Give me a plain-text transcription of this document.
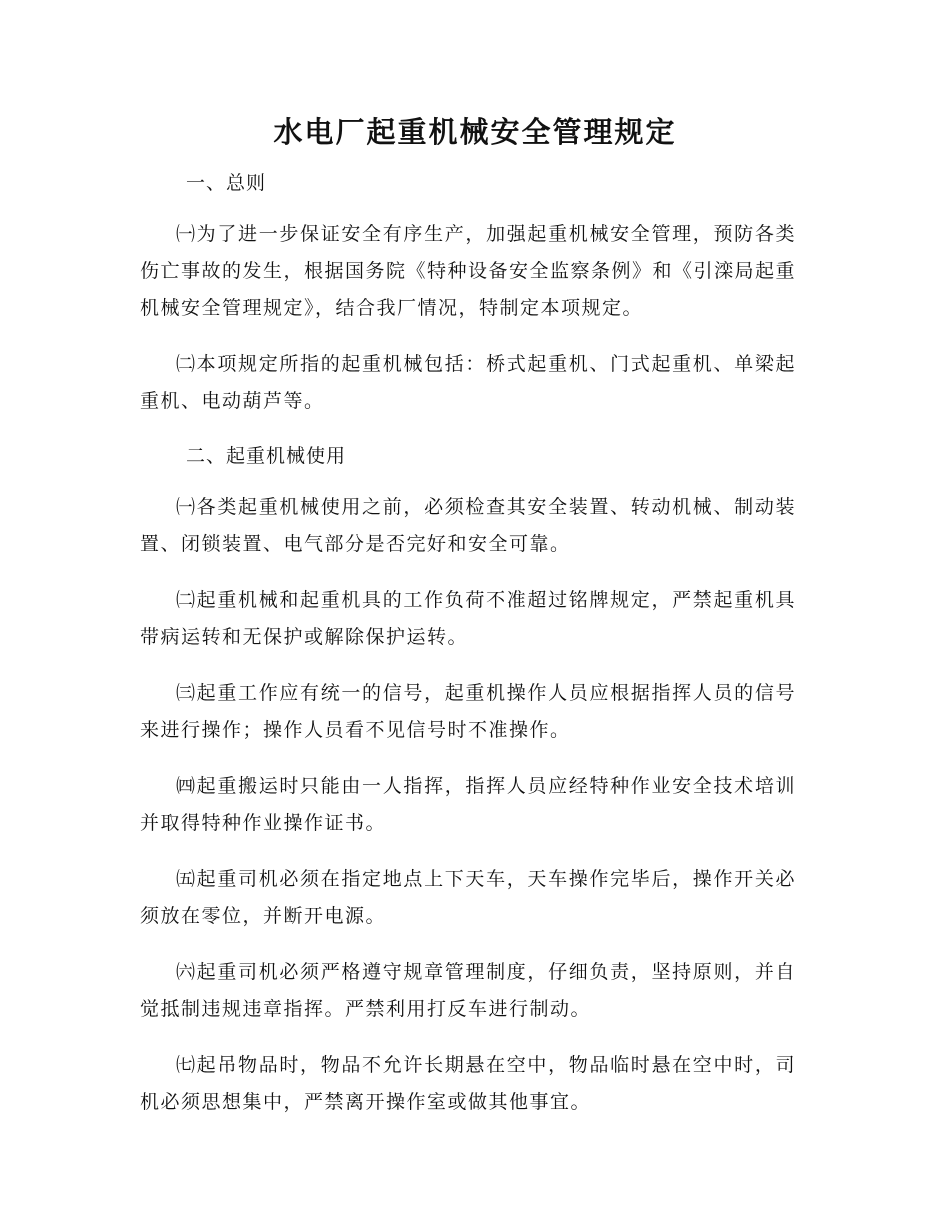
水电厂起重机械安全管理规定
一、总则

㈠为了进一步保证安全有序生产，加强起重机械安全管理，预防各类伤亡事故的发生，根据国务院《特种设备安全监察条例》和《引滦局起重机械安全管理规定》，结合我厂情况，特制定本项规定。

㈡本项规定所指的起重机械包括：桥式起重机、门式起重机、单梁起重机、电动葫芦等。

二、起重机械使用

㈠各类起重机械使用之前，必须检查其安全装置、转动机械、制动装置、闭锁装置、电气部分是否完好和安全可靠。

㈡起重机械和起重机具的工作负荷不准超过铭牌规定，严禁起重机具带病运转和无保护或解除保护运转。

㈢起重工作应有统一的信号，起重机操作人员应根据指挥人员的信号来进行操作；操作人员看不见信号时不准操作。

㈣起重搬运时只能由一人指挥，指挥人员应经特种作业安全技术培训并取得特种作业操作证书。

㈤起重司机必须在指定地点上下天车，天车操作完毕后，操作开关必须放在零位，并断开电源。

㈥起重司机必须严格遵守规章管理制度，仔细负责，坚持原则，并自觉抵制违规违章指挥。严禁利用打反车进行制动。

㈦起吊物品时，物品不允许长期悬在空中，物品临时悬在空中时，司机必须思想集中，严禁离开操作室或做其他事宜。
